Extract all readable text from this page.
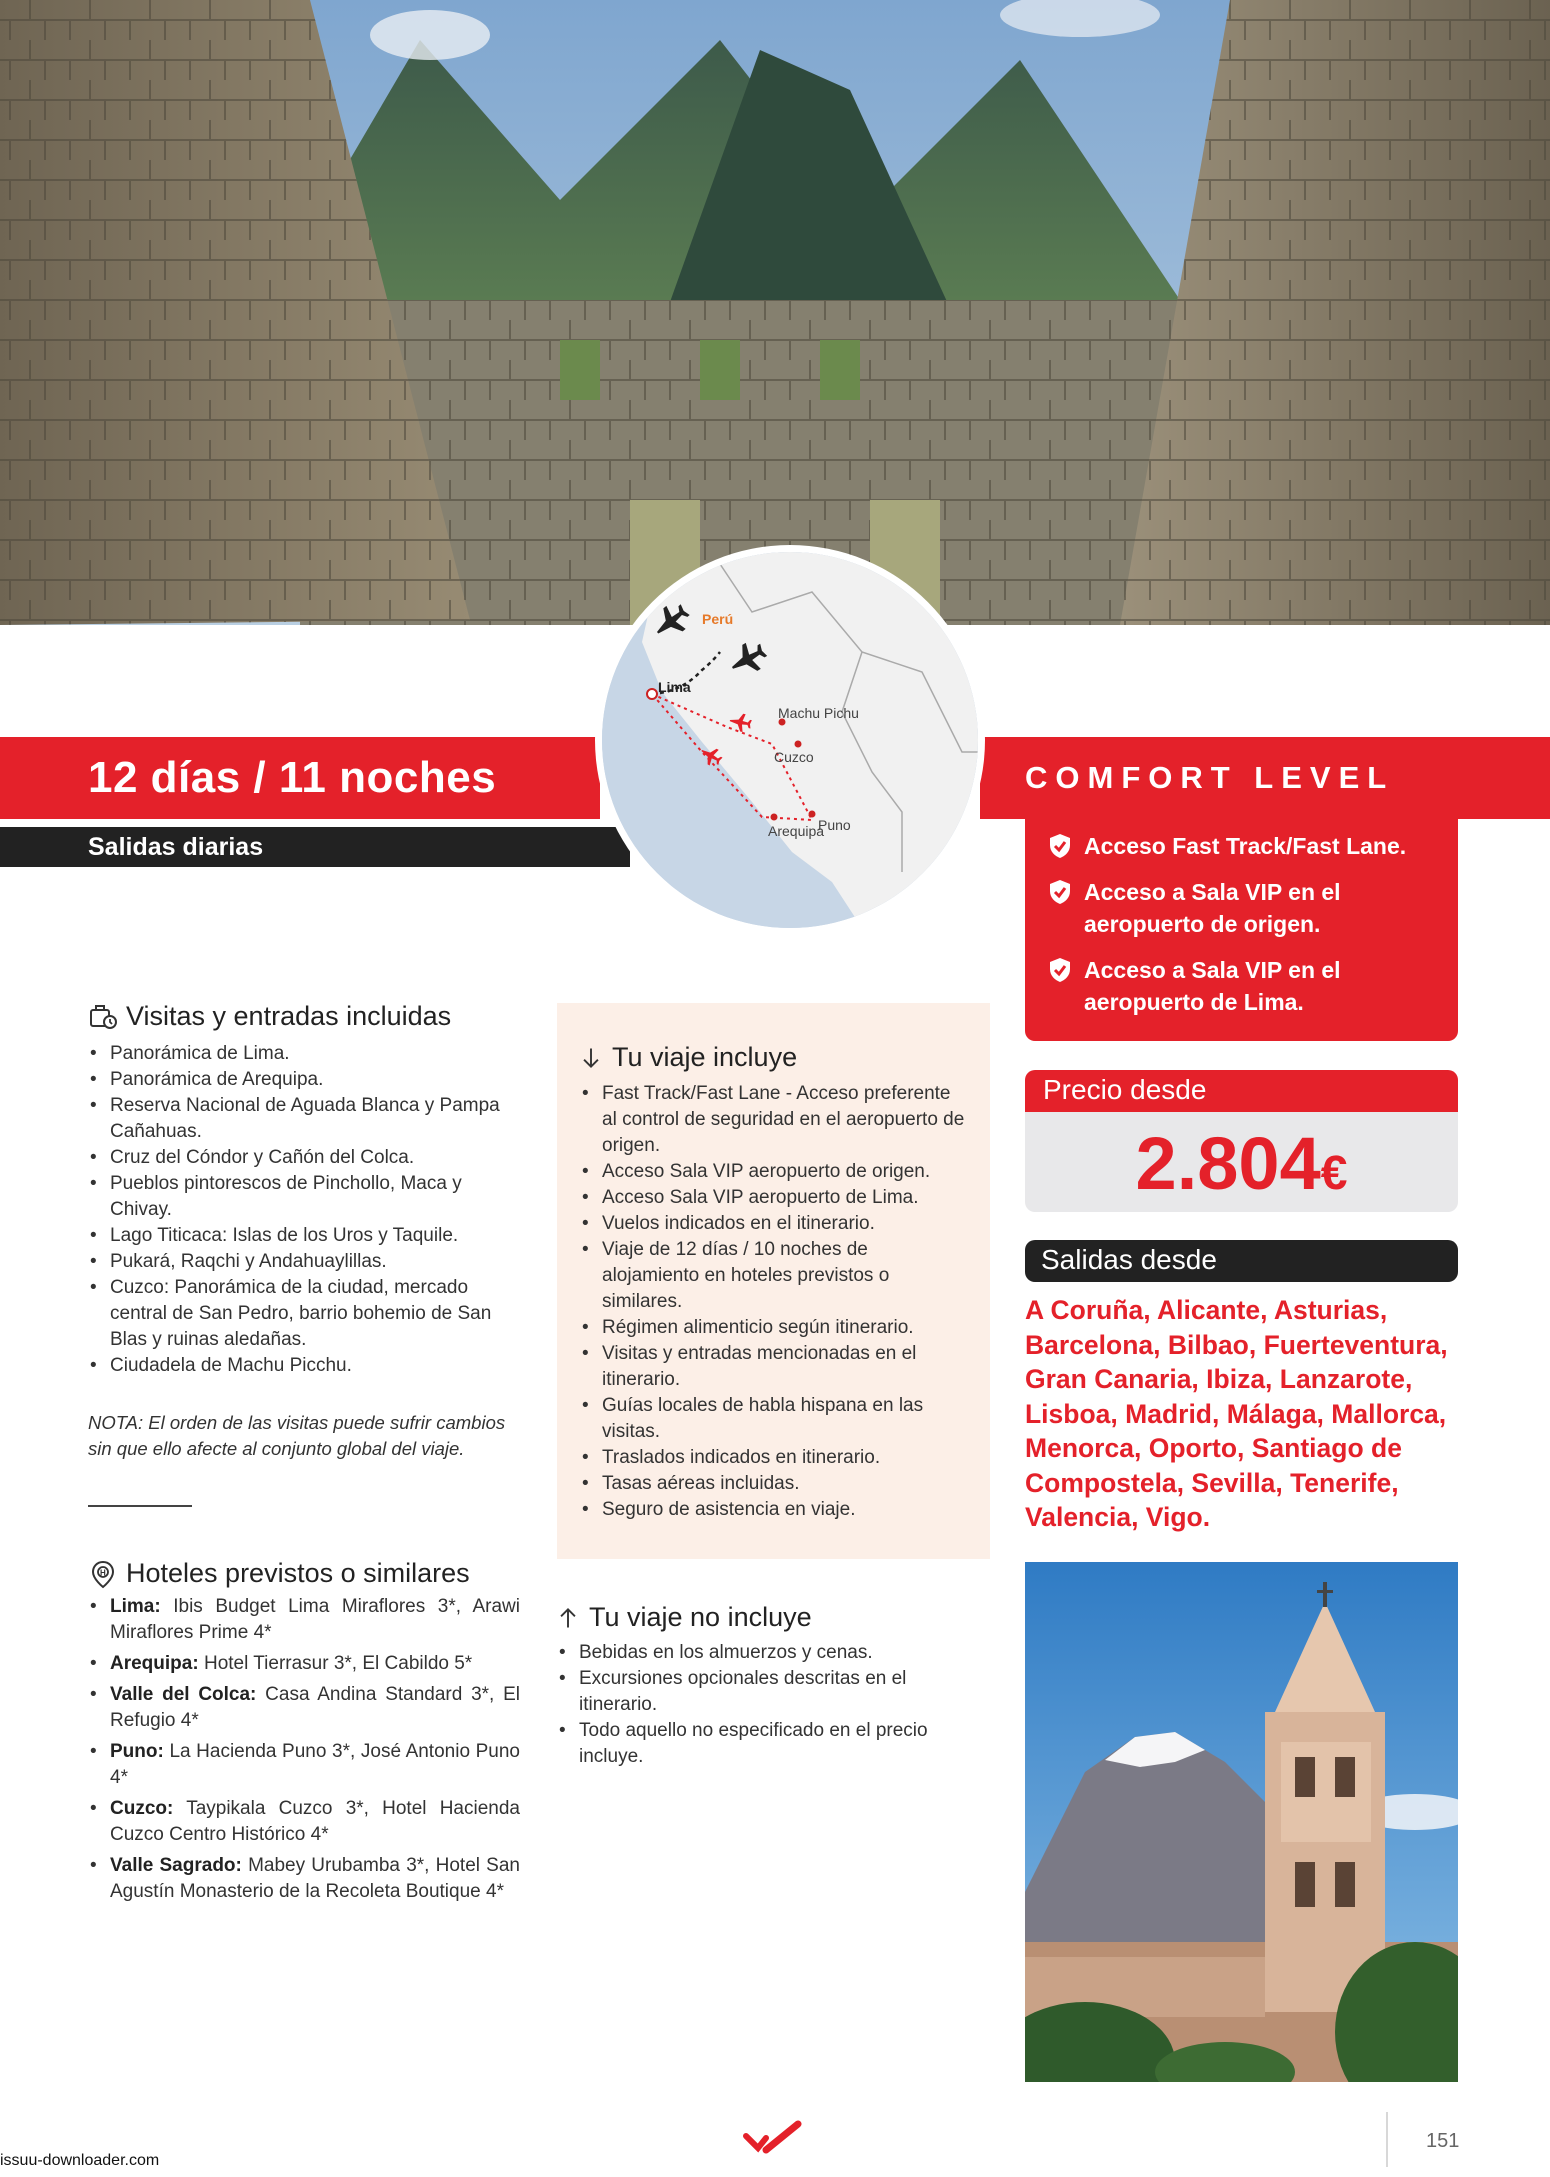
12 días / 11 noches
Salidas diarias
COMFORT LEVEL
Acceso Fast Track/Fast Lane.
Acceso a Sala VIP en el aeropuerto de origen.
Acceso a Sala VIP en el aeropuerto de Lima.
Perú
Lima
Machu Pichu
Cuzco
Arequipa
Puno
Precio desde
2.804€
Salidas desde
A Coruña, Alicante, Asturias, Barcelona, Bilbao, Fuerteventura, Gran Canaria, Ibiza, Lanzarote, Lisboa, Madrid, Málaga, Mallorca, Menorca, Oporto, Santiago de Compostela, Sevilla, Tenerife, Valencia, Vigo.
Visitas y entradas incluidas
• Panorámica de Lima.
• Panorámica de Arequipa.
• Reserva Nacional de Aguada Blanca y Pampa Cañahuas.
• Cruz del Cóndor y Cañón del Colca.
• Pueblos pintorescos de Pinchollo, Maca y Chivay.
• Lago Titicaca: Islas de los Uros y Taquile.
• Pukará, Raqchi y Andahuaylillas.
• Cuzco: Panorámica de la ciudad, mercado central de San Pedro, barrio bohemio de San Blas y ruinas aledañas.
• Ciudadela de Machu Picchu.
NOTA: El orden de las visitas puede sufrir cambios sin que ello afecte al conjunto global del viaje.
H Hoteles previstos o similares
• Lima: Ibis Budget Lima Miraflores 3*, Arawi Miraflores Prime 4*
• Arequipa: Hotel Tierrasur 3*, El Cabildo 5*
• Valle del Colca: Casa Andina Standard 3*, El Refugio 4*
• Puno: La Hacienda Puno 3*, José Antonio Puno 4*
• Cuzco: Taypikala Cuzco 3*, Hotel Hacienda Cuzco Centro Histórico 4*
• Valle Sagrado: Mabey Urubamba 3*, Hotel San Agustín Monasterio de la Recoleta Boutique 4*
Tu viaje incluye
• Fast Track/Fast Lane - Acceso preferente al control de seguridad en el aeropuerto de origen.
• Acceso Sala VIP aeropuerto de origen.
• Acceso Sala VIP aeropuerto de Lima.
• Vuelos indicados en el itinerario.
• Viaje de 12 días / 10 noches de alojamiento en hoteles previstos o similares.
• Régimen alimenticio según itinerario.
• Visitas y entradas mencionadas en el itinerario.
• Guías locales de habla hispana en las visitas.
• Traslados indicados en itinerario.
• Tasas aéreas incluidas.
• Seguro de asistencia en viaje.
Tu viaje no incluye
• Bebidas en los almuerzos y cenas.
• Excursiones opcionales descritas en el itinerario.
• Todo aquello no especificado en el precio incluye.
151
issuu-downloader.com
